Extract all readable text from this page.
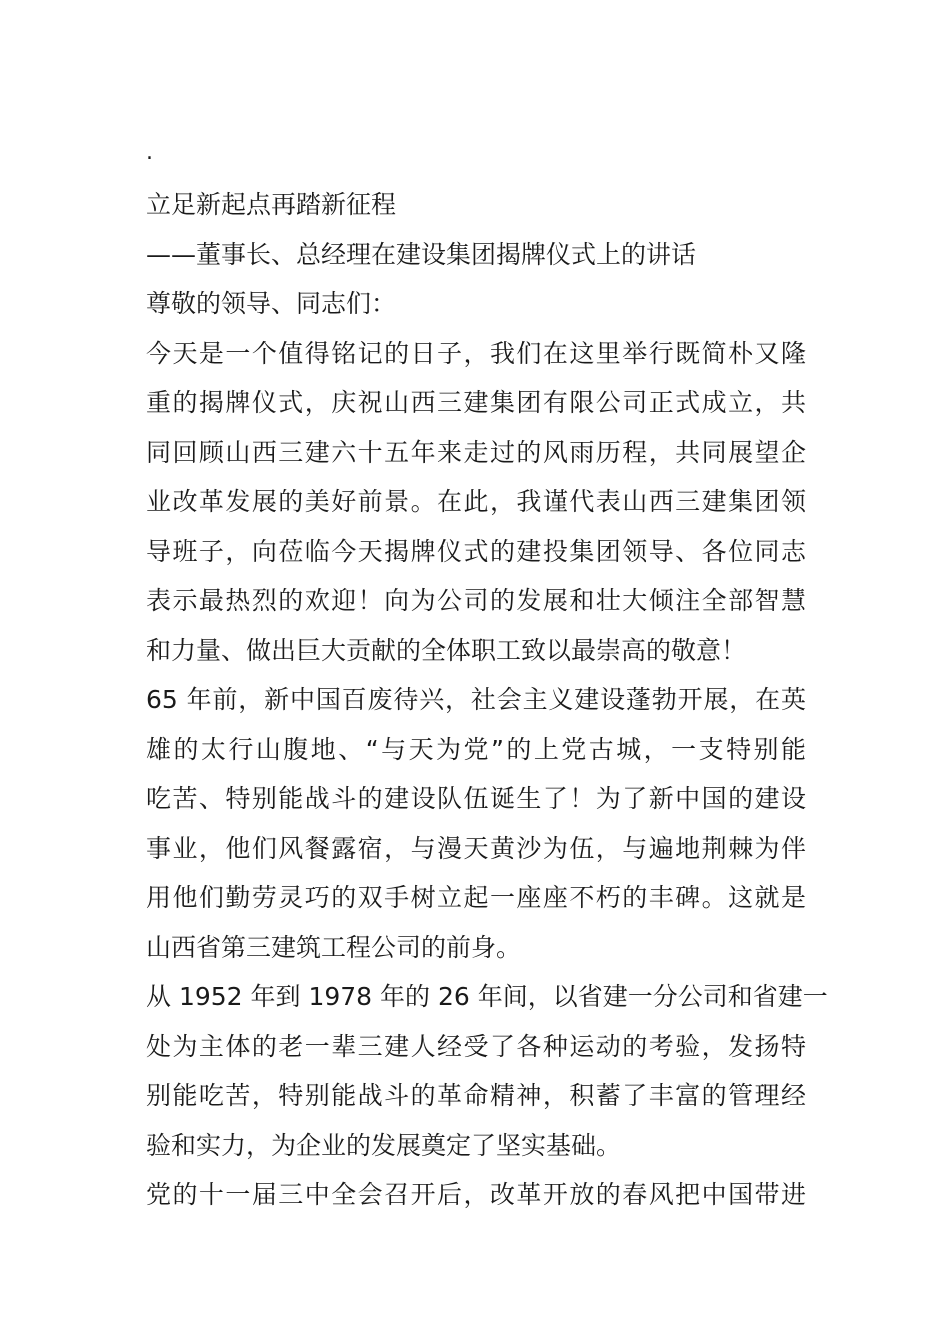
.
立足新起点再踏新征程
——董事长、总经理在建设集团揭牌仪式上的讲话
尊敬的领导、同志们：
今天是一个值得铭记的日子，我们在这里举行既简朴又隆
重的揭牌仪式，庆祝山西三建集团有限公司正式成立，共
同回顾山西三建六十五年来走过的风雨历程，共同展望企
业改革发展的美好前景。在此，我谨代表山西三建集团领
导班子，向莅临今天揭牌仪式的建投集团领导、各位同志
表示最热烈的欢迎！向为公司的发展和壮大倾注全部智慧
和力量、做出巨大贡献的全体职工致以最崇高的敬意！
65 年前，新中国百废待兴，社会主义建设蓬勃开展，在英
雄的太行山腹地、“与天为党”的上党古城，一支特别能
吃苦、特别能战斗的建设队伍诞生了！为了新中国的建设
事业，他们风餐露宿，与漫天黄沙为伍，与遍地荆棘为伴
用他们勤劳灵巧的双手树立起一座座不朽的丰碑。这就是
山西省第三建筑工程公司的前身。
从 1952 年到 1978 年的 26 年间，以省建一分公司和省建一
处为主体的老一辈三建人经受了各种运动的考验，发扬特
别能吃苦，特别能战斗的革命精神，积蓄了丰富的管理经
验和实力，为企业的发展奠定了坚实基础。
党的十一届三中全会召开后，改革开放的春风把中国带进
